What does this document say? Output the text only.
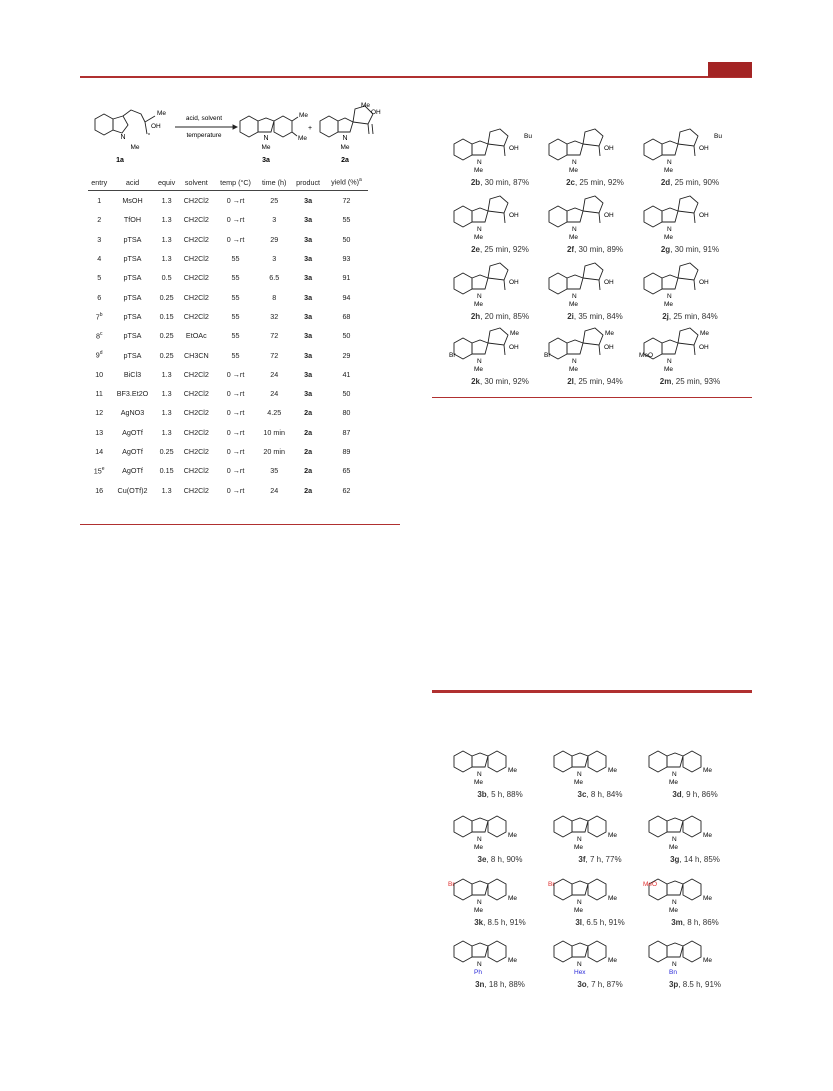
Me
N
Me
OH
acid, solvent
temperature	N
Me
Me
Me
+
N
Me
OH
Me
1a	3a	2a
entry	acid	equiv	solvent	temp (°C)	time (h)	product	yield (%)$^a$
1	MsOH	1.3	CH2Cl2	0 →rt	25	3a	72
2	TfOH	1.3	CH2Cl2	0 →rt	3	3a	55
3	pTSA	1.3	CH2Cl2	0 →rt	29	3a	50
4	pTSA	1.3	CH2Cl2	55	3	3a	93
5	pTSA	0.5	CH2Cl2	55	6.5	3a	91
6	pTSA	0.25	CH2Cl2	55	8	3a	94
7$^b$	pTSA	0.15	CH2Cl2	55	32	3a	68
8$^c$	pTSA	0.25	EtOAc	55	72	3a	50
9$^d$	pTSA	0.25	CH3CN	55	72	3a	29
10	BiCl3	1.3	CH2Cl2	0 →rt	24	3a	41
11	BF3.Et2O	1.3	CH2Cl2	0 →rt	24	3a	50
12	AgNO3	1.3	CH2Cl2	0 →rt	4.25	2a	80
13	AgOTf	1.3	CH2Cl2	0 →rt	10 min	2a	87
14	AgOTf	0.25	CH2Cl2	0 →rt	20 min	2a	89
15e	AgOTf	0.15	CH2Cl2	0 →rt	35	2a	65
16	Cu(OTf)2	1.3	CH2Cl2	0 →rt	24	2a	62
N
Me
OH
Bu
2b, 30 min, 87%
N
Me
OH
2c, 25 min, 92%
N
Me
OH
Bu
2d, 25 min, 90%
N
Me
OH
2e, 25 min, 92%
N
Me
OH
2f, 30 min, 89%
N
Me
OH
2g, 30 min, 91%
N
Me
OH
2h, 20 min, 85%
N
Me
OH
2i, 35 min, 84%
N
Me
OH
2j, 25 min, 84%
N
Me
OH
Me
Br
2k, 30 min, 92%
N
Me
OH
Me
Br
2l, 25 min, 94%
N
Me
OH
Me
MeO
2m, 25 min, 93%
N
Me
Me
3b, 5 h, 88%
N
Me
Me
3c, 8 h, 84%
N
Me
Me
3d, 9 h, 86%
N
Me
Me
3e, 8 h, 90%
N
Me
Me
3f, 7 h, 77%
N
Me
Me
3g, 14 h, 85%
N
Me
Me
Br
3k, 8.5 h, 91%
N
Me
Me
Br
3l, 6.5 h, 91%
N
Me
Me
MeO
3m, 8 h, 86%
N
Me
Ph
3n, 18 h, 88%
N
Me
Hex
3o, 7 h, 87%
N
Me
Bn
3p, 8.5 h, 91%
